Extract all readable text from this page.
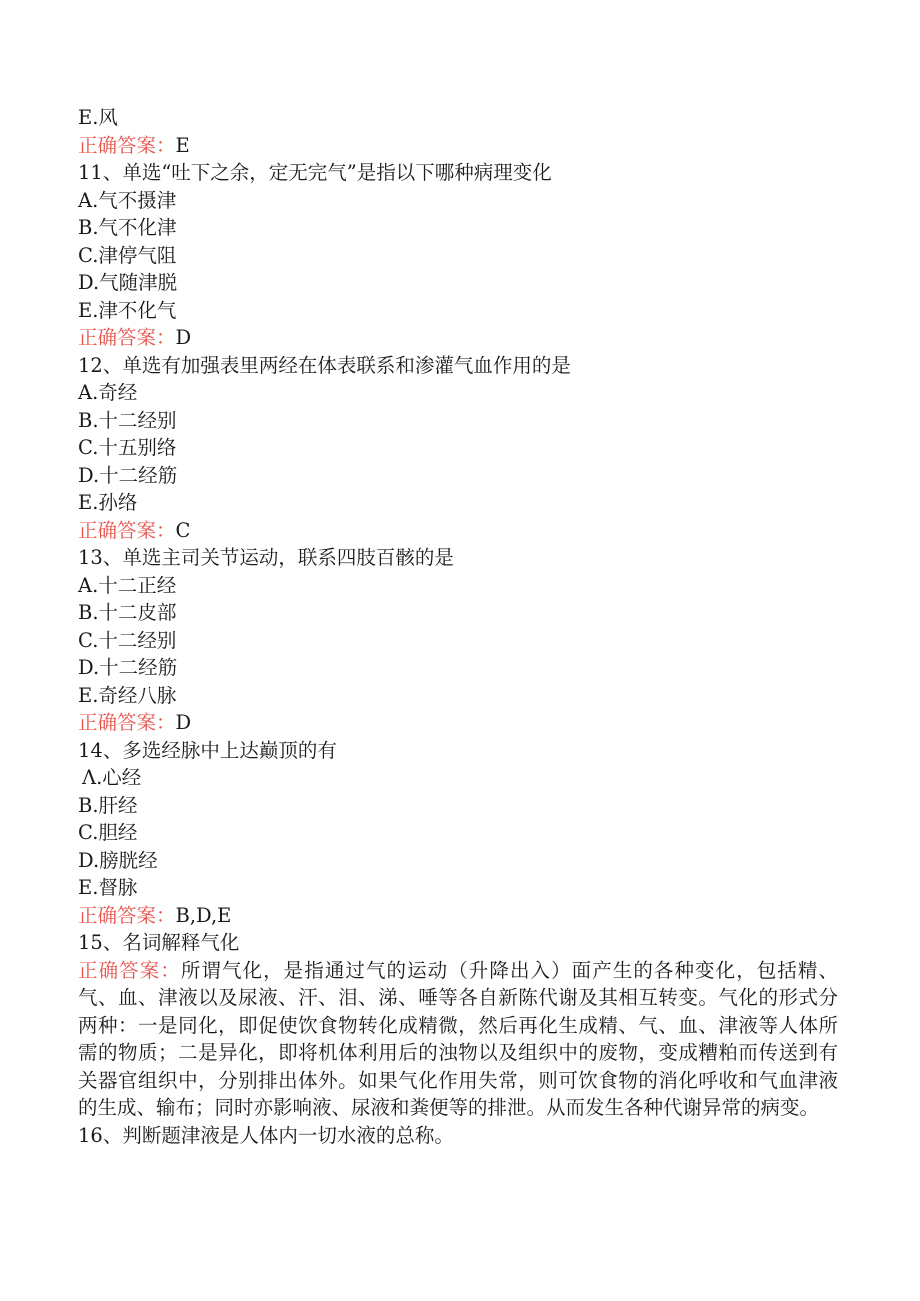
E.风
正确答案：E
11、单选“吐下之余，定无完气”是指以下哪种病理变化
A.气不摄津
B.气不化津
C.津停气阻
D.气随津脱
E.津不化气
正确答案：D
12、单选有加强表里两经在体表联系和渗灌气血作用的是
A.奇经
B.十二经别
C.十五别络
D.十二经筋
E.孙络
正确答案：C
13、单选主司关节运动，联系四肢百骸的是
A.十二正经
B.十二皮部
C.十二经别
D.十二经筋
E.奇经八脉
正确答案：D
14、多选经脉中上达巅顶的有
Λ.心经
B.肝经
C.胆经
D.膀胱经
E.督脉
正确答案：B,D,E
15、名词解释气化
正确答案：所谓气化，是指通过气的运动（升降出入）面产生的各种变化，包括精、气、血、津液以及尿液、汗、泪、涕、唾等各自新陈代谢及其相互转变。气化的形式分两种：一是同化，即促使饮食物转化成精微，然后再化生成精、气、血、津液等人体所需的物质；二是异化，即将机体利用后的浊物以及组织中的废物，变成糟粕而传送到有关器官组织中，分别排出体外。如果气化作用失常，则可饮食物的消化呼收和气血津液的生成、输布；同时亦影响液、尿液和粪便等的排泄。从而发生各种代谢异常的病变。
16、判断题津液是人体内一切水液的总称。
